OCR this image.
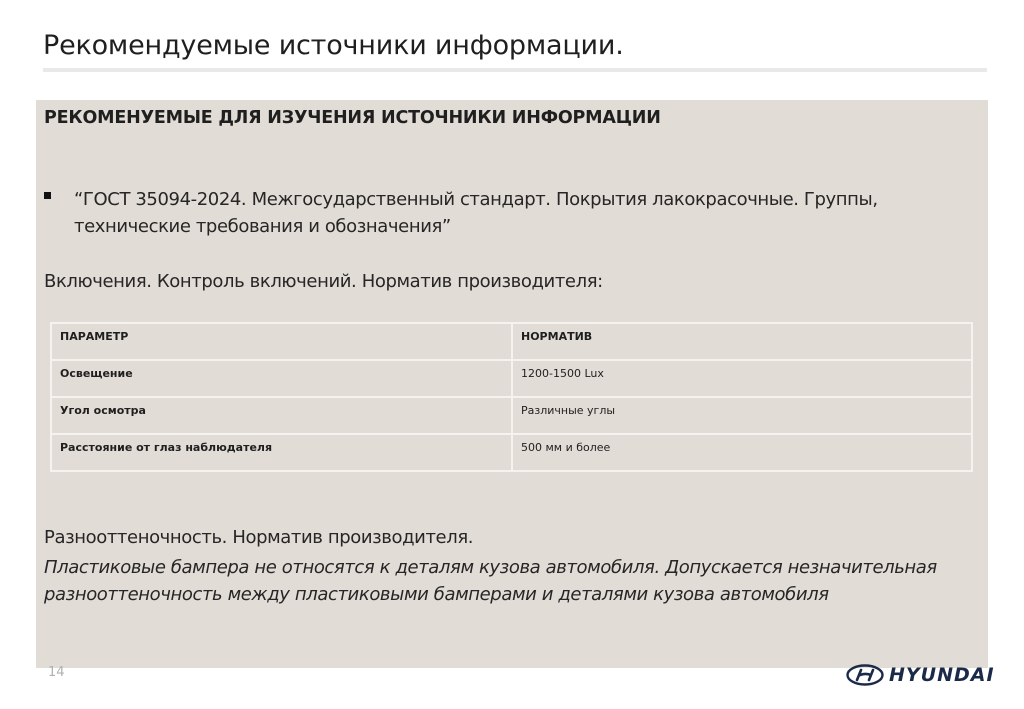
Рекомендуемые источники информации.
РЕКОМЕНУЕМЫЕ ДЛЯ ИЗУЧЕНИЯ ИСТОЧНИКИ ИНФОРМАЦИИ
“ГОСТ 35094-2024. Межгосударственный стандарт. Покрытия лакокрасочные. Группы, технические требования и обозначения”
Включения. Контроль включений. Норматив производителя:
ПАРАМЕТР	НОРМАТИВ
Освещение	1200-1500 Lux
Угол осмотра	Различные углы
Расстояние от глаз наблюдателя	500 мм и более
Разнооттеночность. Норматив производителя.
Пластиковые бампера не относятся к деталям кузова автомобиля. Допускается незначительная разнооттеночность между пластиковыми бамперами и деталями кузова автомобиля
14	HYUNDAI
